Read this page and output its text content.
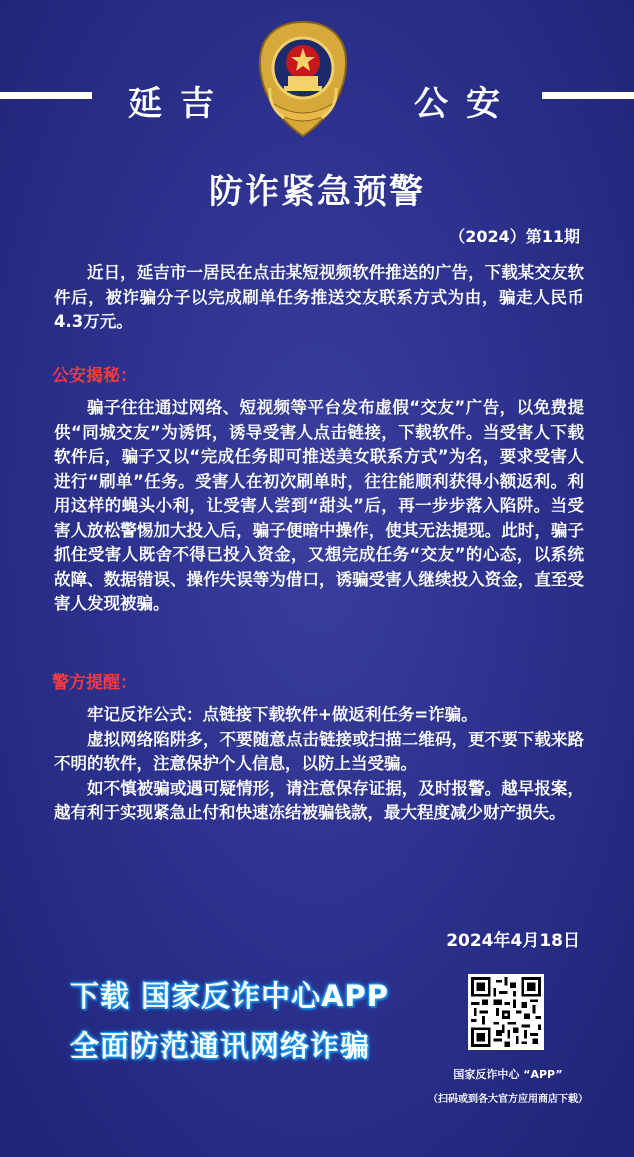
延吉	公安
防诈紧急预警
（2024）第11期
近日，延吉市一居民在点击某短视频软件推送的广告，下载某交友软件后，被诈骗分子以完成刷单任务推送交友联系方式为由，骗走人民币4.3万元。
公安揭秘：
骗子往往通过网络、短视频等平台发布虚假“交友”广告，以免费提供“同城交友”为诱饵，诱导受害人点击链接，下载软件。当受害人下载软件后，骗子又以“完成任务即可推送美女联系方式”为名，要求受害人进行“刷单”任务。受害人在初次刷单时，往往能顺利获得小额返利。利用这样的蝇头小利，让受害人尝到“甜头”后，再一步步落入陷阱。当受害人放松警惕加大投入后，骗子便暗中操作，使其无法提现。此时，骗子抓住受害人既舍不得已投入资金，又想完成任务“交友”的心态，以系统故障、数据错误、操作失误等为借口，诱骗受害人继续投入资金，直至受害人发现被骗。
警方提醒：

牢记反诈公式：点链接下载软件+做返利任务=诈骗。

虚拟网络陷阱多，不要随意点击链接或扫描二维码，更不要下载来路不明的软件，注意保护个人信息，以防上当受骗。

如不慎被骗或遇可疑情形，请注意保存证据，及时报警。越早报案，越有利于实现紧急止付和快速冻结被骗钱款，最大程度减少财产损失。

2024年4月18日
下载 国家反诈中心APP
全面防范通讯网络诈骗
国家反诈中心 “APP”
（扫码或到各大官方应用商店下载）
